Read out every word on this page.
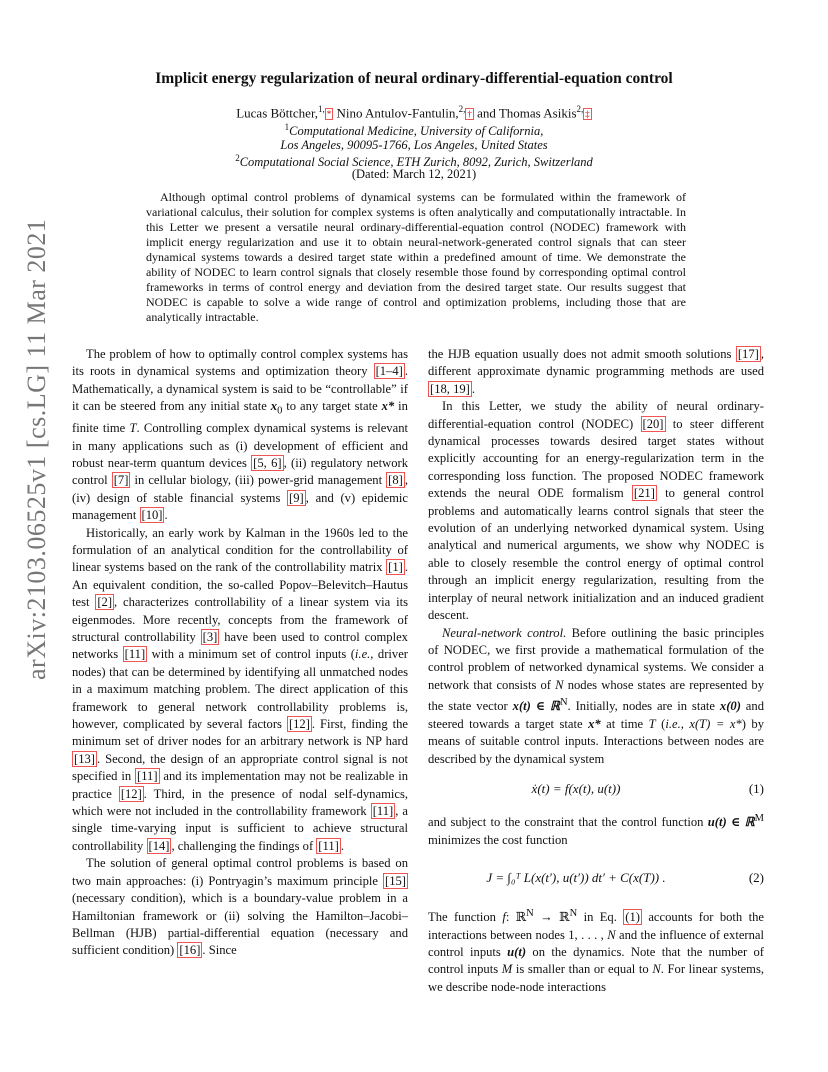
arXiv:2103.06525v1 [cs.LG] 11 Mar 2021
Implicit energy regularization of neural ordinary-differential-equation control
Lucas Böttcher,$^{1,}$* Nino Antulov-Fantulin,$^{2,}$† and Thomas Asikis$^{2,}$‡
$^1$Computational Medicine, University of California,
Los Angeles, 90095-1766, Los Angeles, United States
$^2$Computational Social Science, ETH Zurich, 8092, Zurich, Switzerland
(Dated: March 12, 2021)
Although optimal control problems of dynamical systems can be formulated within the framework of variational calculus, their solution for complex systems is often analytically and computationally intractable. In this Letter we present a versatile neural ordinary-differential-equation control (NODEC) framework with implicit energy regularization and use it to obtain neural-network-generated control signals that can steer dynamical systems towards a desired target state within a predefined amount of time. We demonstrate the ability of NODEC to learn control signals that closely resemble those found by corresponding optimal control frameworks in terms of control energy and deviation from the desired target state. Our results suggest that NODEC is capable to solve a wide range of control and optimization problems, including those that are analytically intractable.

The problem of how to optimally control complex systems has its roots in dynamical systems and optimization theory [1–4] . Mathematically, a dynamical system is said to be “controllable” if it can be steered from any initial state $x_0$ to any target state x* in finite time T. Controlling complex dynamical systems is relevant in many applications such as (i) development of efficient and robust near-term quantum devices [5, 6] , (ii) regulatory network control [7] in cellular biology, (iii) power-grid management [8] , (iv) design of stable financial systems [9] , and (v) epidemic management [10] .

Historically, an early work by Kalman in the 1960s led to the formulation of an analytical condition for the controllability of linear systems based on the rank of the controllability matrix [1] . An equivalent condition, the so-called Popov–Belevitch–Hautus test [2] , characterizes controllability of a linear system via its eigenmodes. More recently, concepts from the framework of structural controllability [3] have been used to control complex networks [11] with a minimum set of control inputs (i.e., driver nodes) that can be determined by identifying all unmatched nodes in a maximum matching problem. The direct application of this framework to general network controllability problems is, however, complicated by several factors [12] . First, finding the minimum set of driver nodes for an arbitrary network is NP hard [13] . Second, the design of an appropriate control signal is not specified in [11] and its implementation may not be realizable in practice [12] . Third, in the presence of nodal self-dynamics, which were not included in the controllability framework [11] , a single time-varying input is sufficient to achieve structural controllability [14] , challenging the findings of [11] .

The solution of general optimal control problems is based on two main approaches: (i) Pontryagin’s maximum principle [15] (necessary condition), which is a boundary-value problem in a Hamiltonian framework or (ii) solving the Hamilton–Jacobi–Bellman (HJB) partial-differential equation (necessary and sufficient condition) [16] . Since

the HJB equation usually does not admit smooth solutions [17] , different approximate dynamic programming methods are used [18, 19] .

In this Letter, we study the ability of neural ordinary-differential-equation control (NODEC) [20] to steer different dynamical processes towards desired target states without explicitly accounting for an energy-regularization term in the corresponding loss function. The proposed NODEC framework extends the neural ODE formalism [21] to general control problems and automatically learns control signals that steer the evolution of an underlying networked dynamical system. Using analytical and numerical arguments, we show why NODEC is able to closely resemble the control energy of optimal control through an implicit energy regularization, resulting from the interplay of neural network initialization and an induced gradient descent.

Neural-network control. Before outlining the basic principles of NODEC, we first provide a mathematical formulation of the control problem of networked dynamical systems. We consider a network that consists of N nodes whose states are represented by the state vector x(t) ∈ ℝ$^N$. Initially, nodes are in state x(0) and steered towards a target state x* at time T (i.e., x(T) = x*) by means of suitable control inputs. Interactions between nodes are described by the dynamical system

ẋ(t) = f(x(t), u(t))	(1)

and subject to the constraint that the control function u(t) ∈ ℝ$^M$ minimizes the cost function

J = ∫₀ᵀ L(x(t′), u(t′)) dt′ + C(x(T)) .	(2)

The function f: ℝ$^N$ → ℝ$^N$ in Eq. (1) accounts for both the interactions between nodes 1, . . . , N and the influence of external control inputs u(t) on the dynamics. Note that the number of control inputs M is smaller than or equal to N. For linear systems, we describe node-node interactions
